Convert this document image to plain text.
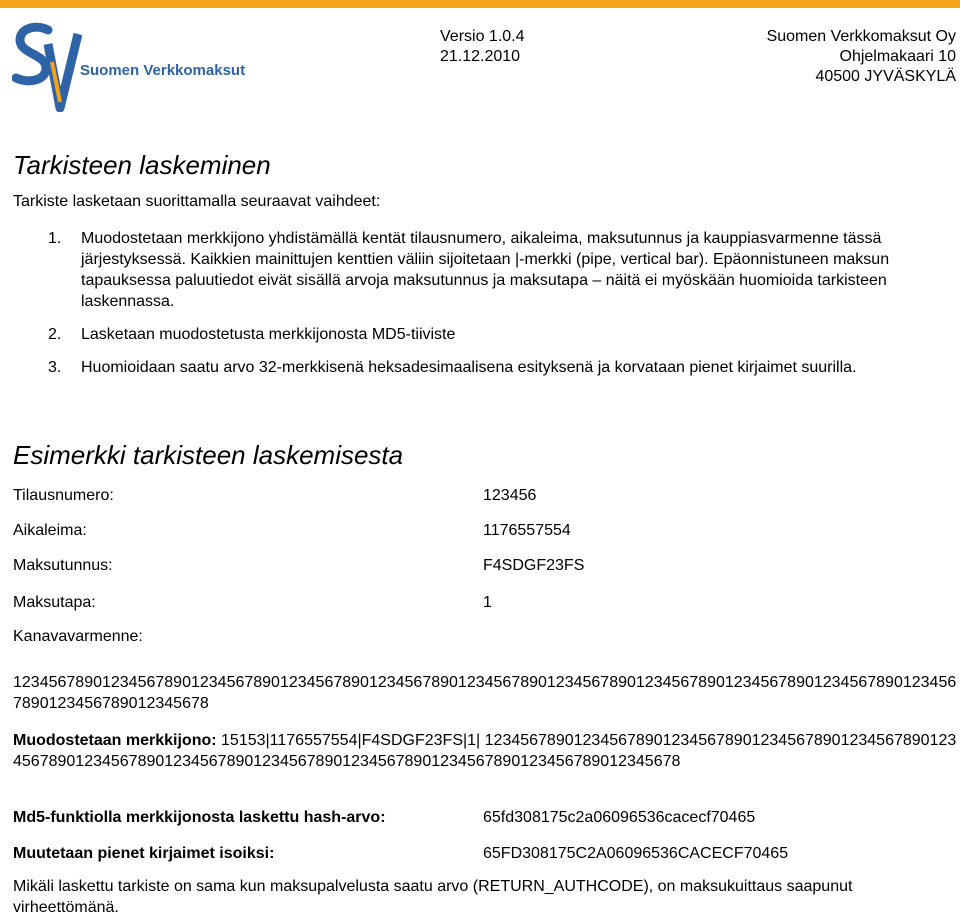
Suomen Verkkomaksut
Versio 1.0.4
21.12.2010
Suomen Verkkomaksut Oy
Ohjelmakaari 10
40500 JYVÄSKYLÄ
Tarkisteen laskeminen

Tarkiste lasketaan suorittamalla seuraavat vaihdeet:

1. Muodostetaan merkkijono yhdistämällä kentät tilausnumero, aikaleima, maksutunnus ja kauppiasvarmenne tässä järjestyksessä. Kaikkien mainittujen kenttien väliin sijoitetaan |-merkki (pipe, vertical bar). Epäonnistuneen maksun tapauksessa paluutiedot eivät sisällä arvoja maksutunnus ja maksutapa – näitä ei myöskään huomioida tarkisteen laskennassa.
2. Lasketaan muodostetusta merkkijonosta MD5-tiiviste
3. Huomioidaan saatu arvo 32-merkkisenä heksadesimaalisena esityksenä ja korvataan pienet kirjaimet suurilla.
Esimerkki tarkisteen laskemisesta
Tilausnumero:	123456
Aikaleima:	1176557554
Maksutunnus:	F4SDGF23FS
Maksutapa:	1
Kanavavarmenne:

12345678901234567890123456789012345678901234567890123456789012345678901234567890123456789012345678901234567890123456789012345678

Muodostetaan merkkijono: 15153|1176557554|F4SDGF23FS|1| 12345678901234567890123456789012345678901234567890123456789012345678901234567890123456789012345678901234567890123456789012345678

Md5-funktiolla merkkijonosta laskettu hash-arvo:	65fd308175c2a06096536cacecf70465
Muutetaan pienet kirjaimet isoiksi:	65FD308175C2A06096536CACECF70465

Mikäli laskettu tarkiste on sama kun maksupalvelusta saatu arvo (RETURN_AUTHCODE), on maksukuittaus saapunut virheettömänä.
